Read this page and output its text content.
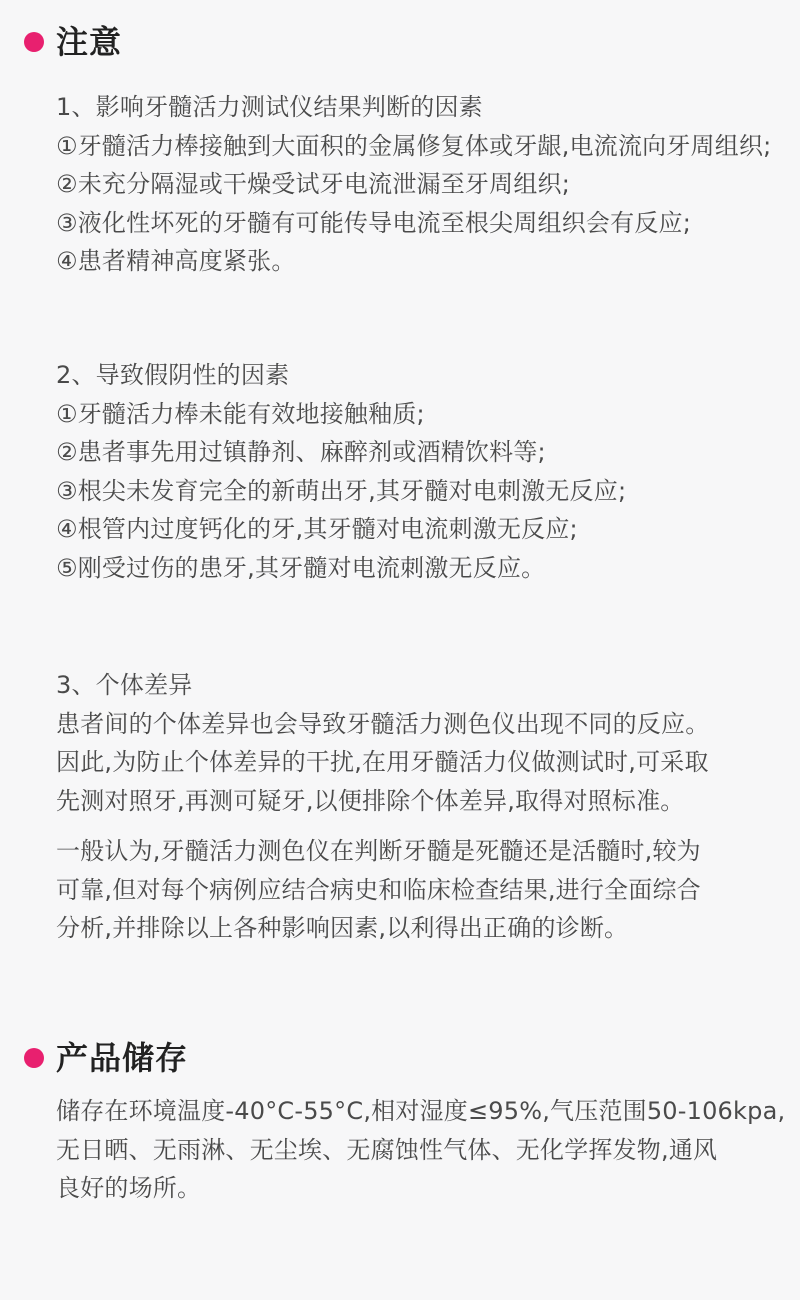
注意
1、影响牙髓活力测试仪结果判断的因素
①牙髓活力棒接触到大面积的金属修复体或牙龈,电流流向牙周组织;
②未充分隔湿或干燥受试牙电流泄漏至牙周组织;
③液化性坏死的牙髓有可能传导电流至根尖周组织会有反应;
④患者精神高度紧张。
2、导致假阴性的因素
①牙髓活力棒未能有效地接触釉质;
②患者事先用过镇静剂、麻醉剂或酒精饮料等;
③根尖未发育完全的新萌出牙,其牙髓对电刺激无反应;
④根管内过度钙化的牙,其牙髓对电流刺激无反应;
⑤刚受过伤的患牙,其牙髓对电流刺激无反应。
3、个体差异
患者间的个体差异也会导致牙髓活力测色仪出现不同的反应。
因此,为防止个体差异的干扰,在用牙髓活力仪做测试时,可采取
先测对照牙,再测可疑牙,以便排除个体差异,取得对照标准。
一般认为,牙髓活力测色仪在判断牙髓是死髓还是活髓时,较为
可靠,但对每个病例应结合病史和临床检查结果,进行全面综合
分析,并排除以上各种影响因素,以利得出正确的诊断。
产品储存
储存在环境温度-40°C-55°C,相对湿度≤95%,气压范围50-106kpa,
无日晒、无雨淋、无尘埃、无腐蚀性气体、无化学挥发物,通风
良好的场所。
